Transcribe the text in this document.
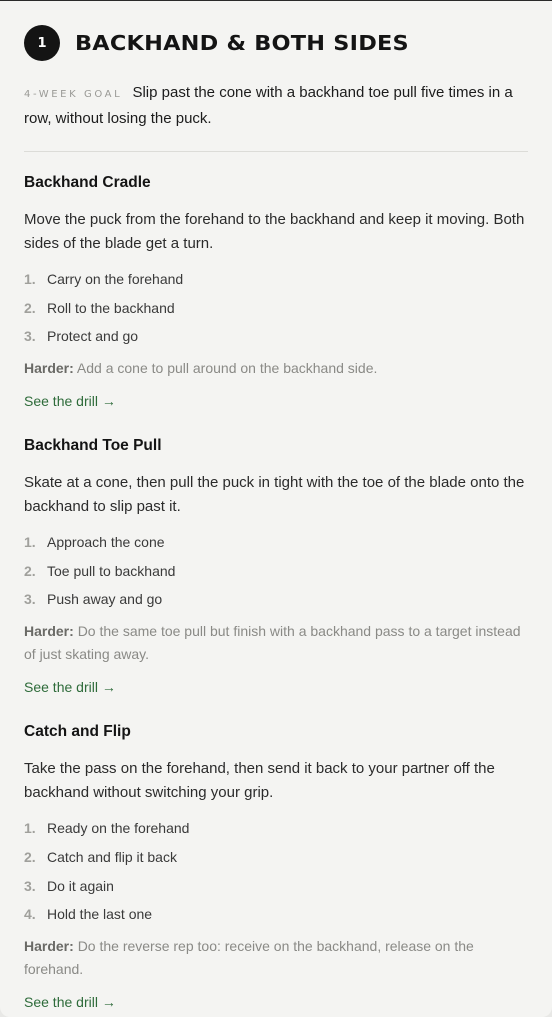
1	BACKHAND & BOTH SIDES
4-WEEK GOAL Slip past the cone with a backhand toe pull five times in a row, without losing the puck.
Backhand Cradle

Move the puck from the forehand to the backhand and keep it moving. Both sides of the blade get a turn.

1. Carry on the forehand
2. Roll to the backhand
3. Protect and go

Harder: Add a cone to pull around on the backhand side.

See the drill →
Backhand Toe Pull

Skate at a cone, then pull the puck in tight with the toe of the blade onto the backhand to slip past it.

1. Approach the cone
2. Toe pull to backhand
3. Push away and go

Harder: Do the same toe pull but finish with a backhand pass to a target instead of just skating away.

See the drill →
Catch and Flip

Take the pass on the forehand, then send it back to your partner off the backhand without switching your grip.

1. Ready on the forehand
2. Catch and flip it back
3. Do it again
4. Hold the last one

Harder: Do the reverse rep too: receive on the backhand, release on the forehand.

See the drill →
